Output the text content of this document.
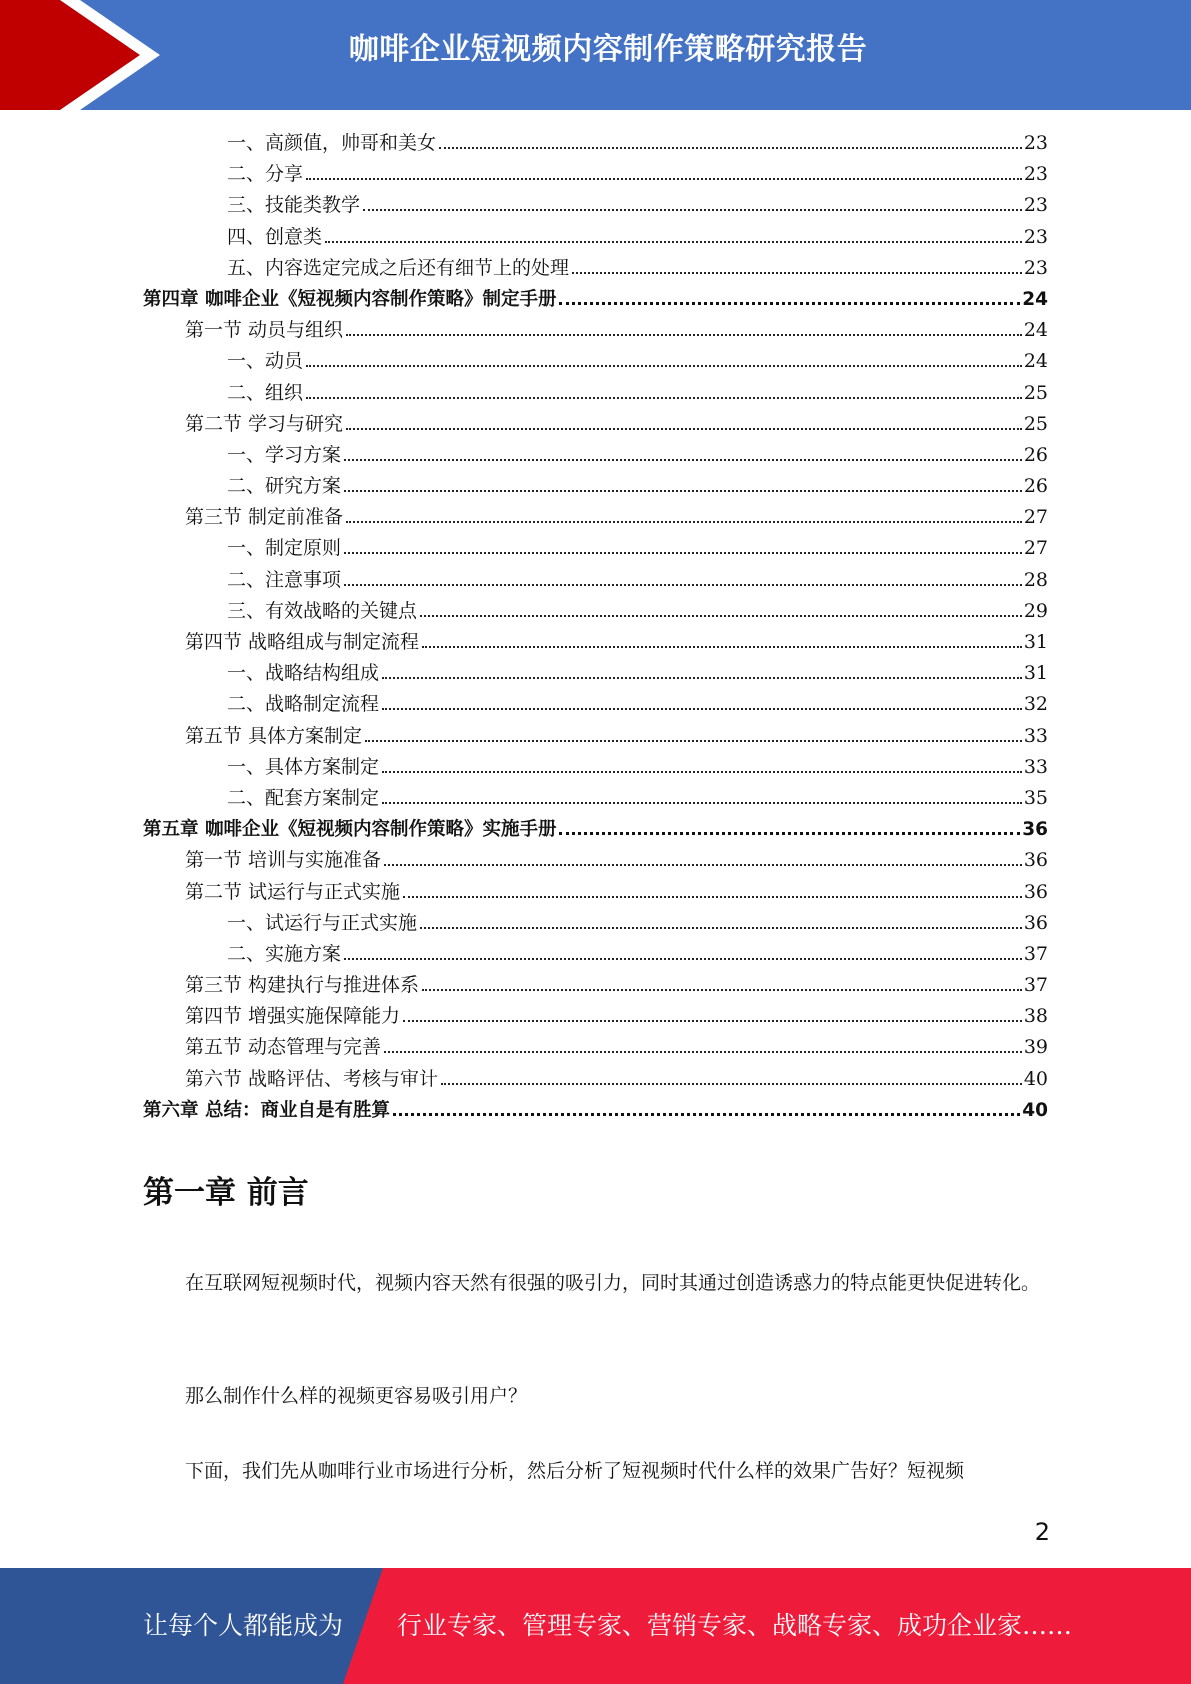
咖啡企业短视频内容制作策略研究报告
一、高颜值，帅哥和美女	23
二、分享	23
三、技能类教学	23
四、创意类	23
五、内容选定完成之后还有细节上的处理	23
第四章 咖啡企业《短视频内容制作策略》制定手册	24
第一节 动员与组织	24
一、动员	24
二、组织	25
第二节 学习与研究	25
一、学习方案	26
二、研究方案	26
第三节 制定前准备	27
一、制定原则	27
二、注意事项	28
三、有效战略的关键点	29
第四节 战略组成与制定流程	31
一、战略结构组成	31
二、战略制定流程	32
第五节 具体方案制定	33
一、具体方案制定	33
二、配套方案制定	35
第五章 咖啡企业《短视频内容制作策略》实施手册	36
第一节 培训与实施准备	36
第二节 试运行与正式实施	36
一、试运行与正式实施	36
二、实施方案	37
第三节 构建执行与推进体系	37
第四节 增强实施保障能力	38
第五节 动态管理与完善	39
第六节 战略评估、考核与审计	40
第六章 总结：商业自是有胜算	40
第一章 前言

在互联网短视频时代，视频内容天然有很强的吸引力，同时其通过创造诱惑力的特点能更快促进转化。

那么制作什么样的视频更容易吸引用户？

下面，我们先从咖啡行业市场进行分析，然后分析了短视频时代什么样的效果广告好？短视频

2
让每个人都能成为 行业专家、管理专家、营销专家、战略专家、成功企业家……
